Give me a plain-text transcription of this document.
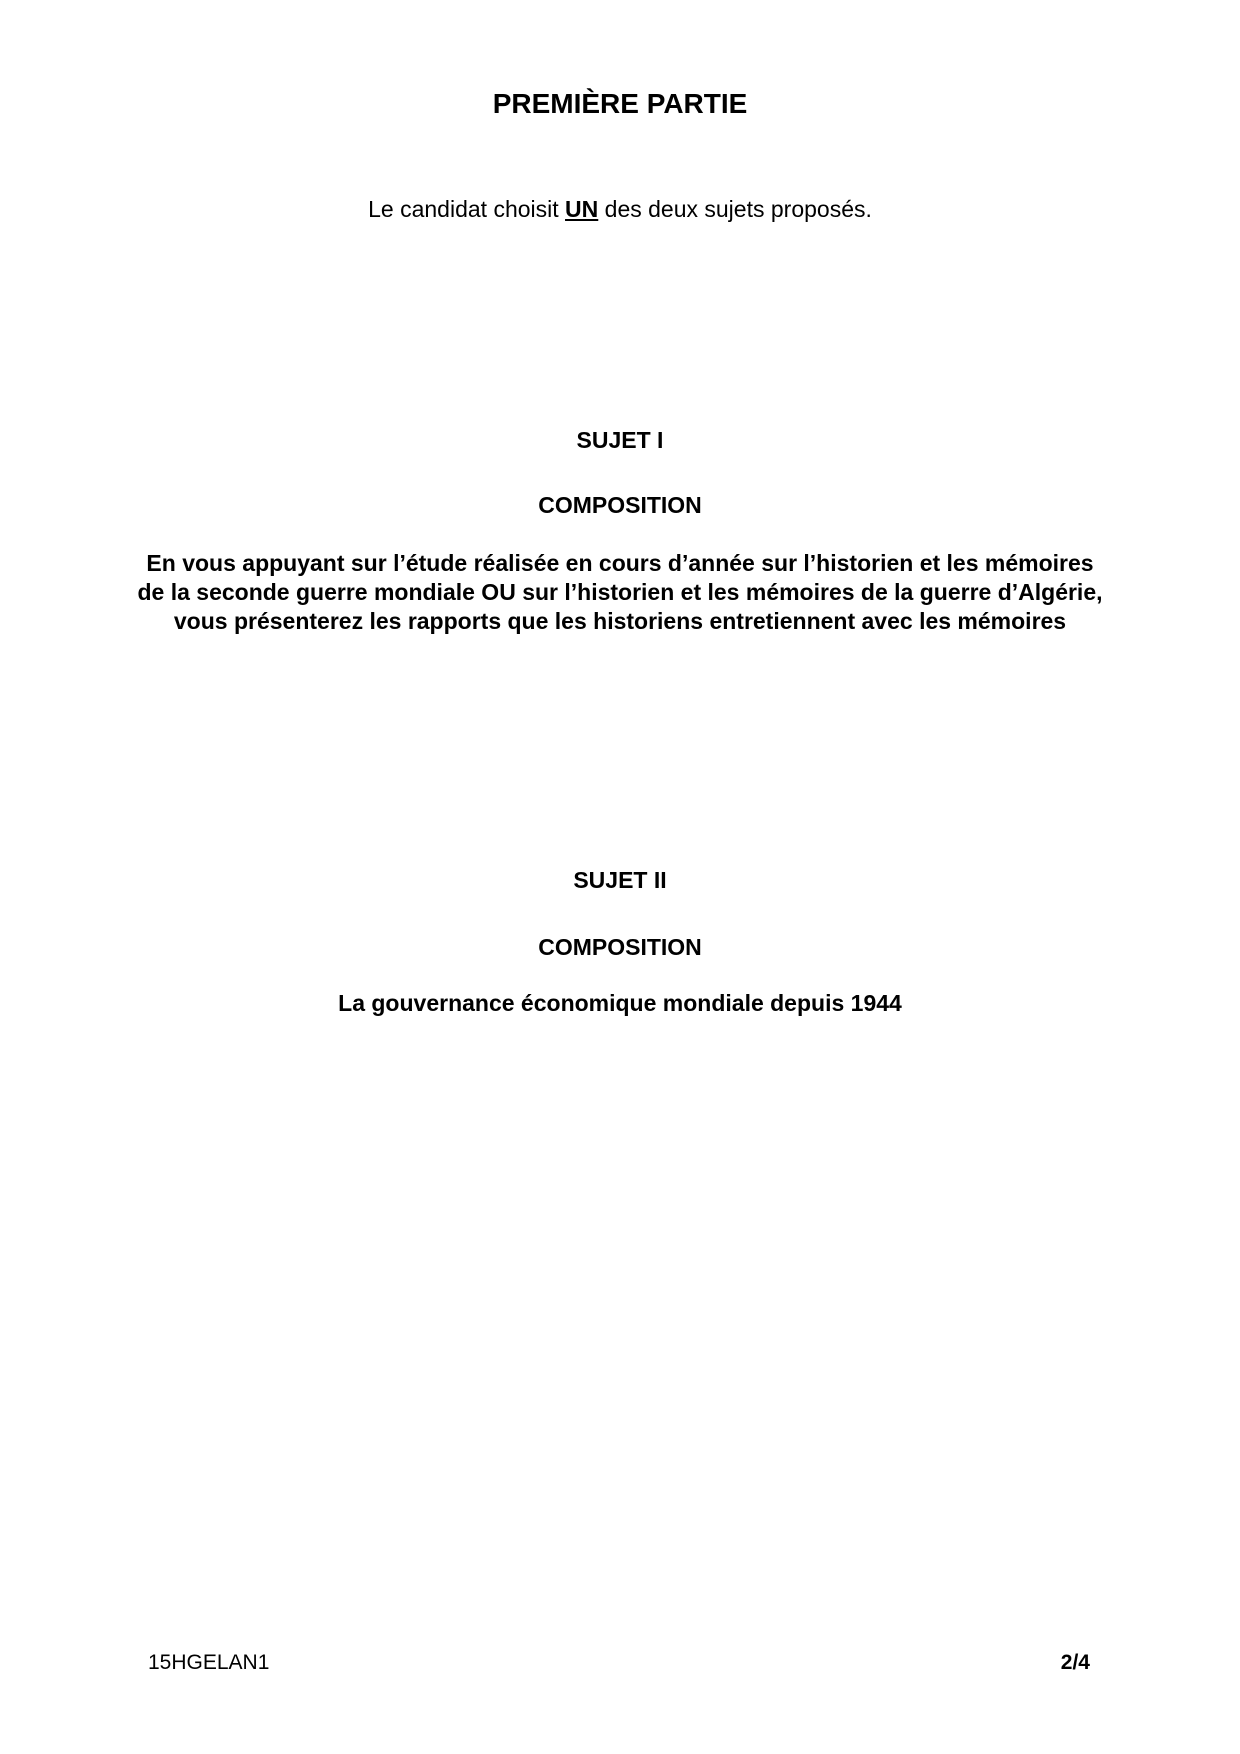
PREMIÈRE PARTIE
Le candidat choisit UN des deux sujets proposés.
SUJET I
COMPOSITION
En vous appuyant sur l’étude réalisée en cours d’année sur l’historien et les mémoires
de la seconde guerre mondiale OU sur l’historien et les mémoires de la guerre d’Algérie,
vous présenterez les rapports que les historiens entretiennent avec les mémoires
SUJET II
COMPOSITION
La gouvernance économique mondiale depuis 1944
15HGELAN1	2/4
